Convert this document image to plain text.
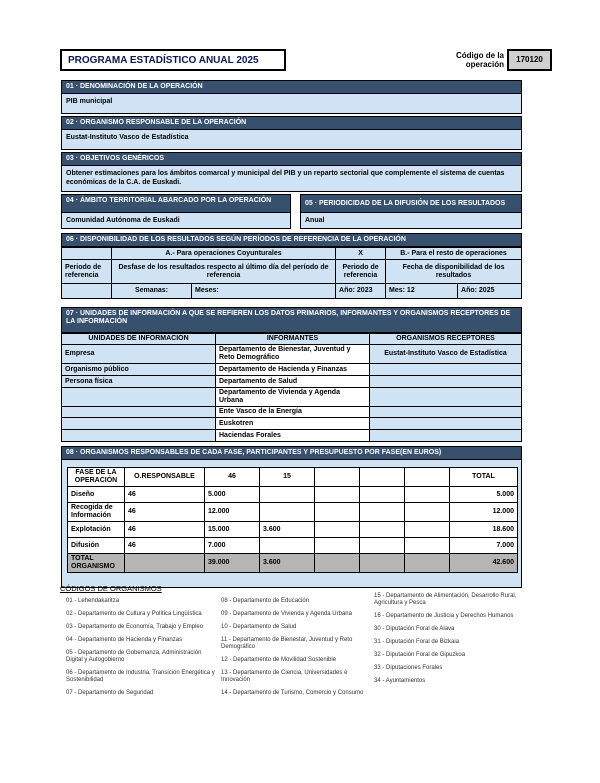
PROGRAMA ESTADÍSTICO ANUAL 2025	Código de la
operación
170120
01 · DENOMINACIÓN DE LA OPERACIÓN
PIB municipal
02 · ORGANISMO RESPONSABLE DE LA OPERACIÓN
Eustat-Instituto Vasco de Estadística
03 · OBJETIVOS GENÉRICOS
Obtener estimaciones para los ámbitos comarcal y municipal del PIB y un reparto sectorial que complemente el sistema de cuentas económicas de la C.A. de Euskadi.
04 · ÁMBITO TERRITORIAL ABARCADO POR LA OPERACIÓN
Comunidad Autónoma de Euskadi
05 · PERIODICIDAD DE LA DIFUSIÓN DE LOS RESULTADOS
Anual
06 · DISPONIBILIDAD DE LOS RESULTADOS SEGÚN PERÍODOS DE REFERENCIA DE LA OPERACIÓN
	A.- Para operaciones Coyunturales		X	B.- Para el resto de operaciones	
Periodo de referencia	Desfase de los resultados respecto al último día del período de referencia		Periodo de referencia	Fecha de disponibilidad de los resultados	
	Semanas:	Meses:	Año: 2023	Mes: 12	Año: 2025
07 · UNIDADES DE INFORMACIÓN A QUE SE REFIEREN LOS DATOS PRIMARIOS, INFORMANTES Y ORGANISMOS RECEPTORES DE LA INFORMACIÓN
UNIDADES DE INFORMACIÓN	INFORMANTES	ORGANISMOS RECEPTORES
Empresa	Departamento de Bienestar, Juventud y Reto Demográfico	Eustat-Instituto Vasco de Estadística
Organismo público	Departamento de Hacienda y Finanzas	
Persona física	Departamento de Salud	
	Departamento de Vivienda y Agenda Urbana	
	Ente Vasco de la Energía	
	Euskotren	
	Haciendas Forales	
08 · ORGANISMOS RESPONSABLES DE CADA FASE, PARTICIPANTES Y PRESUPUESTO POR FASE(EN EUROS)
FASE DE LA OPERACIÓN	O.RESPONSABLE	46	15				TOTAL
Diseño	46	5.000					5.000
Recogida de Información	46	12.000					12.000
Explotación	46	15.000	3.600				18.600
Difusión	46	7.000					7.000
TOTAL ORGANISMO		39.000	3.600				42.600
CÓDIGOS DE ORGANISMOS
01 - Lehendakaritza
02 - Departamento de Cultura y Política Lingüística
03 - Departamento de Economía, Trabajo y Empleo
04 - Departamento de Hacienda y Finanzas
05 - Departamento de Gobernanza, Administración Digital y Autogobierno
06 - Departamento de Industria, Transición Energética y Sostenibilidad
07 - Departamento de Seguridad
08 - Departamento de Educación
09 - Departamento de Vivienda y Agenda Urbana
10 - Departamento de Salud
11 - Departamento de Bienestar, Juventud y Reto Demográfico
12 - Departamento de Movilidad Sostenible
13 - Departamento de Ciencia, Universidades e Innovación
14 - Departamento de Turismo, Comercio y Consumo
15 - Departamento de Alimentación, Desarrollo Rural, Agricultura y Pesca
16 - Departamento de Justicia y Derechos Humanos
30 - Diputación Foral de Alava
31 - Diputación Foral de Bizkaia
32 - Diputación Foral de Gipuzkoa
33 - Diputaciones Forales
34 - Ayuntamientos
